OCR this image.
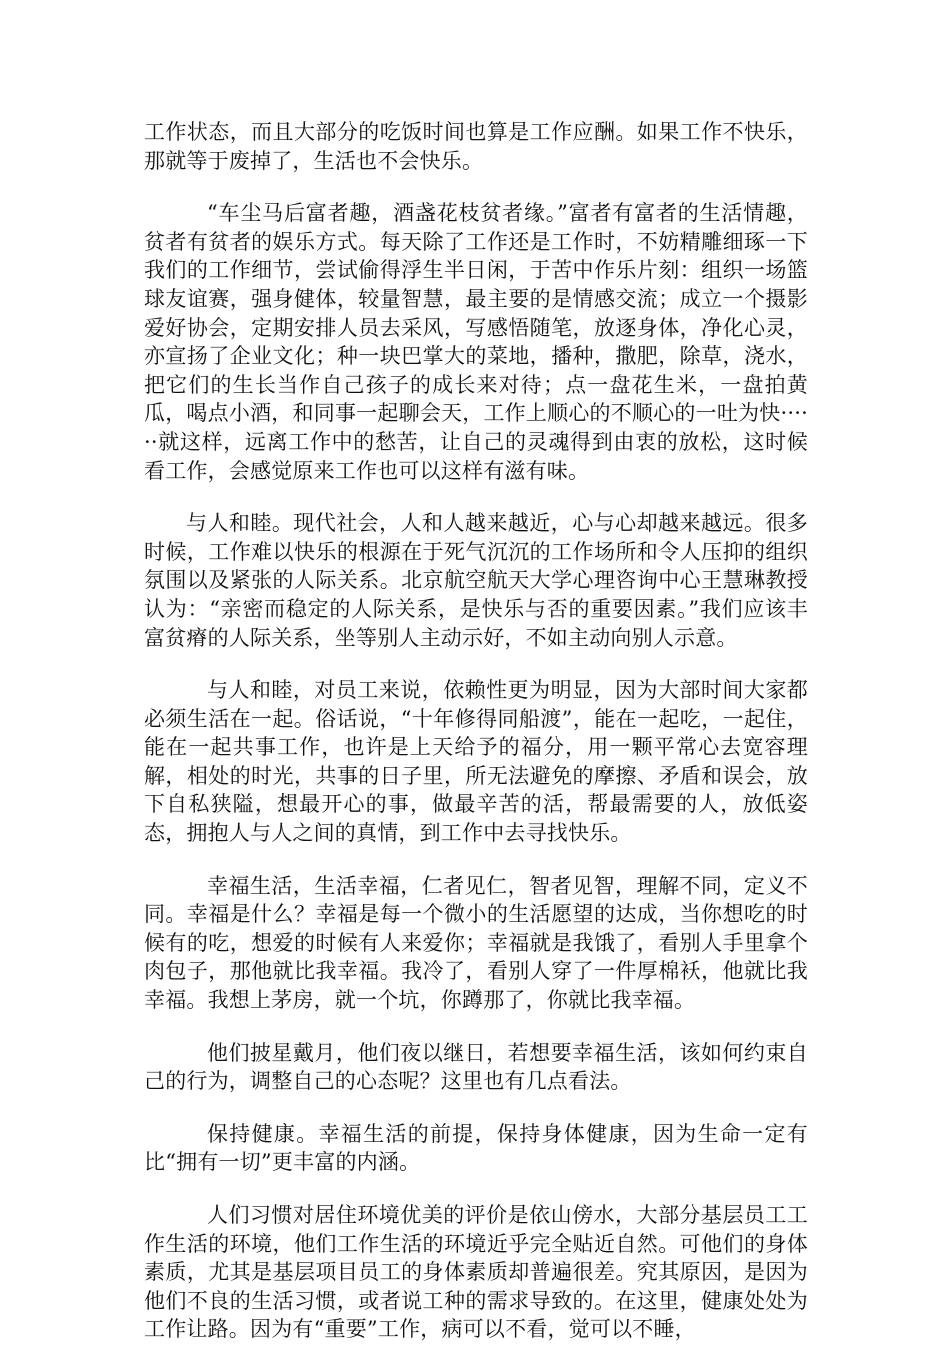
工作状态，而且大部分的吃饭时间也算是工作应酬。如果工作不快乐，那就等于废掉了，生活也不会快乐。

“车尘马后富者趣，酒盏花枝贫者缘。”富者有富者的生活情趣，贫者有贫者的娱乐方式。每天除了工作还是工作时，不妨精雕细琢一下我们的工作细节，尝试偷得浮生半日闲，于苦中作乐片刻：组织一场篮球友谊赛，强身健体，较量智慧，最主要的是情感交流；成立一个摄影爱好协会，定期安排人员去采风，写感悟随笔，放逐身体，净化心灵，亦宣扬了企业文化；种一块巴掌大的菜地，播种，撒肥，除草，浇水，把它们的生长当作自己孩子的成长来对待；点一盘花生米，一盘拍黄瓜，喝点小酒，和同事一起聊会天，工作上顺心的不顺心的一吐为快······就这样，远离工作中的愁苦，让自己的灵魂得到由衷的放松，这时候看工作，会感觉原来工作也可以这样有滋有味。

与人和睦。现代社会，人和人越来越近，心与心却越来越远。很多时候，工作难以快乐的根源在于死气沉沉的工作场所和令人压抑的组织氛围以及紧张的人际关系。北京航空航天大学心理咨询中心王慧琳教授认为：“亲密而稳定的人际关系，是快乐与否的重要因素。”我们应该丰富贫瘠的人际关系，坐等别人主动示好，不如主动向别人示意。

与人和睦，对员工来说，依赖性更为明显，因为大部时间大家都必须生活在一起。俗话说，“十年修得同船渡”，能在一起吃，一起住，能在一起共事工作，也许是上天给予的福分，用一颗平常心去宽容理解，相处的时光，共事的日子里，所无法避免的摩擦、矛盾和误会，放下自私狭隘，想最开心的事，做最辛苦的活，帮最需要的人，放低姿态，拥抱人与人之间的真情，到工作中去寻找快乐。

幸福生活，生活幸福，仁者见仁，智者见智，理解不同，定义不同。幸福是什么？幸福是每一个微小的生活愿望的达成，当你想吃的时候有的吃，想爱的时候有人来爱你；幸福就是我饿了，看别人手里拿个肉包子，那他就比我幸福。我冷了，看别人穿了一件厚棉袄，他就比我幸福。我想上茅房，就一个坑，你蹲那了，你就比我幸福。

他们披星戴月，他们夜以继日，若想要幸福生活，该如何约束自己的行为，调整自己的心态呢？这里也有几点看法。

保持健康。幸福生活的前提，保持身体健康，因为生命一定有比“拥有一切”更丰富的内涵。

人们习惯对居住环境优美的评价是依山傍水，大部分基层员工工作生活的环境，他们工作生活的环境近乎完全贴近自然。可他们的身体素质，尤其是基层项目员工的身体素质却普遍很差。究其原因，是因为他们不良的生活习惯，或者说工种的需求导致的。在这里，健康处处为工作让路。因为有“重要”工作，病可以不看，觉可以不睡，
